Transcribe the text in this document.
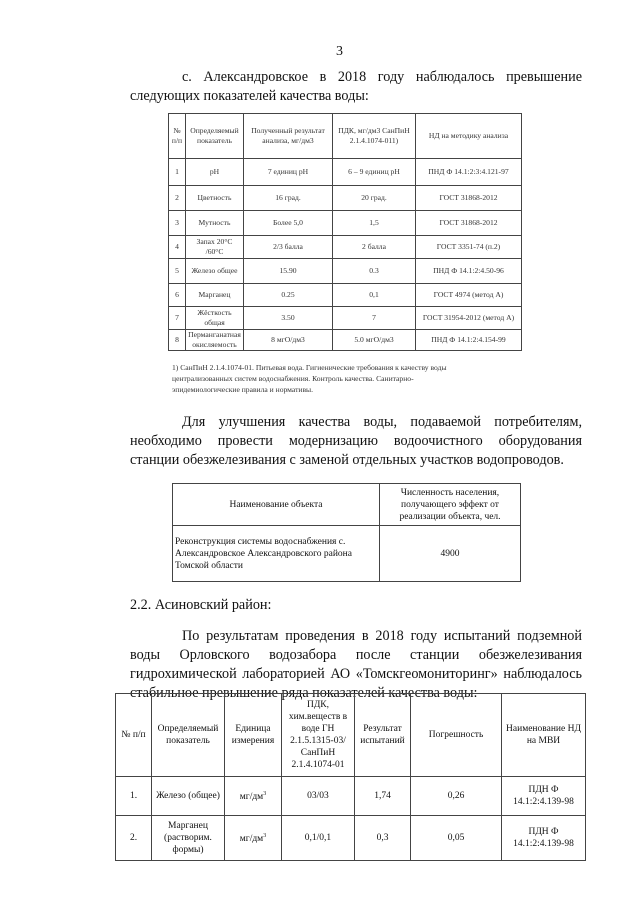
3
с. Александровское в 2018 году наблюдалось превышение следующих показателей качества воды:
№ п/п	Определяемый показатель	Полученный результат анализа, мг/дм3	ПДК, мг/дм3 СанПиН 2.1.4.1074-011)	НД на методику анализа
1	pH	7 единиц pH	6 – 9 единиц pH	ПНД Ф 14.1:2:3:4.121-97
2	Цветность	16 град.	20 град.	ГОСТ 31868-2012
3	Мутность	Более 5,0	1,5	ГОСТ 31868-2012
4	Запах 20°С /60°С	2/3 балла	2 балла	ГОСТ 3351-74 (п.2)
5	Железо общее	15.90	0.3	ПНД Ф 14.1:2:4.50-96
6	Марганец	0.25	0,1	ГОСТ 4974 (метод А)
7	Жёсткость общая	3.50	7	ГОСТ 31954-2012 (метод А)
8	Перманганатная окисляемость	8 мгО/дм3	5.0 мгО/дм3	ПНД Ф 14.1:2:4.154-99
1) СанПиН 2.1.4.1074-01. Питьевая вода. Гигиенические требования к качеству воды централизованных систем водоснабжения. Контроль качества. Санитарно-эпидемиологические правила и нормативы.
Для улучшения качества воды, подаваемой потребителям, необходимо провести модернизацию водоочистного оборудования станции обезжелезивания с заменой отдельных участков водопроводов.
Наименование объекта	Численность населения, получающего эффект от реализации объекта, чел.
Реконструкция системы водоснабжения с. Александровское Александровского района Томской области	4900
2.2. Асиновский район:
По результатам проведения в 2018 году испытаний подземной воды Орловского водозабора после станции обезжелезивания гидрохимической лабораторией АО «Томскгеомониторинг» наблюдалось стабильное превышение ряда показателей качества воды:
№ п/п	Определяемый показатель	Единица измерения	ПДК, хим.веществ в воде ГН 2.1.5.1315-03/СанПиН 2.1.4.1074-01	Результат испытаний	Погрешность	Наименование НД на МВИ
1.	Железо (общее)	$мг/дм^3$	03/03	1,74	0,26	ПДН Ф 14.1:2:4.139-98
2.	Марганец (растворим. формы)	$мг/дм^3$	0,1/0,1	0,3	0,05	ПДН Ф 14.1:2:4.139-98
